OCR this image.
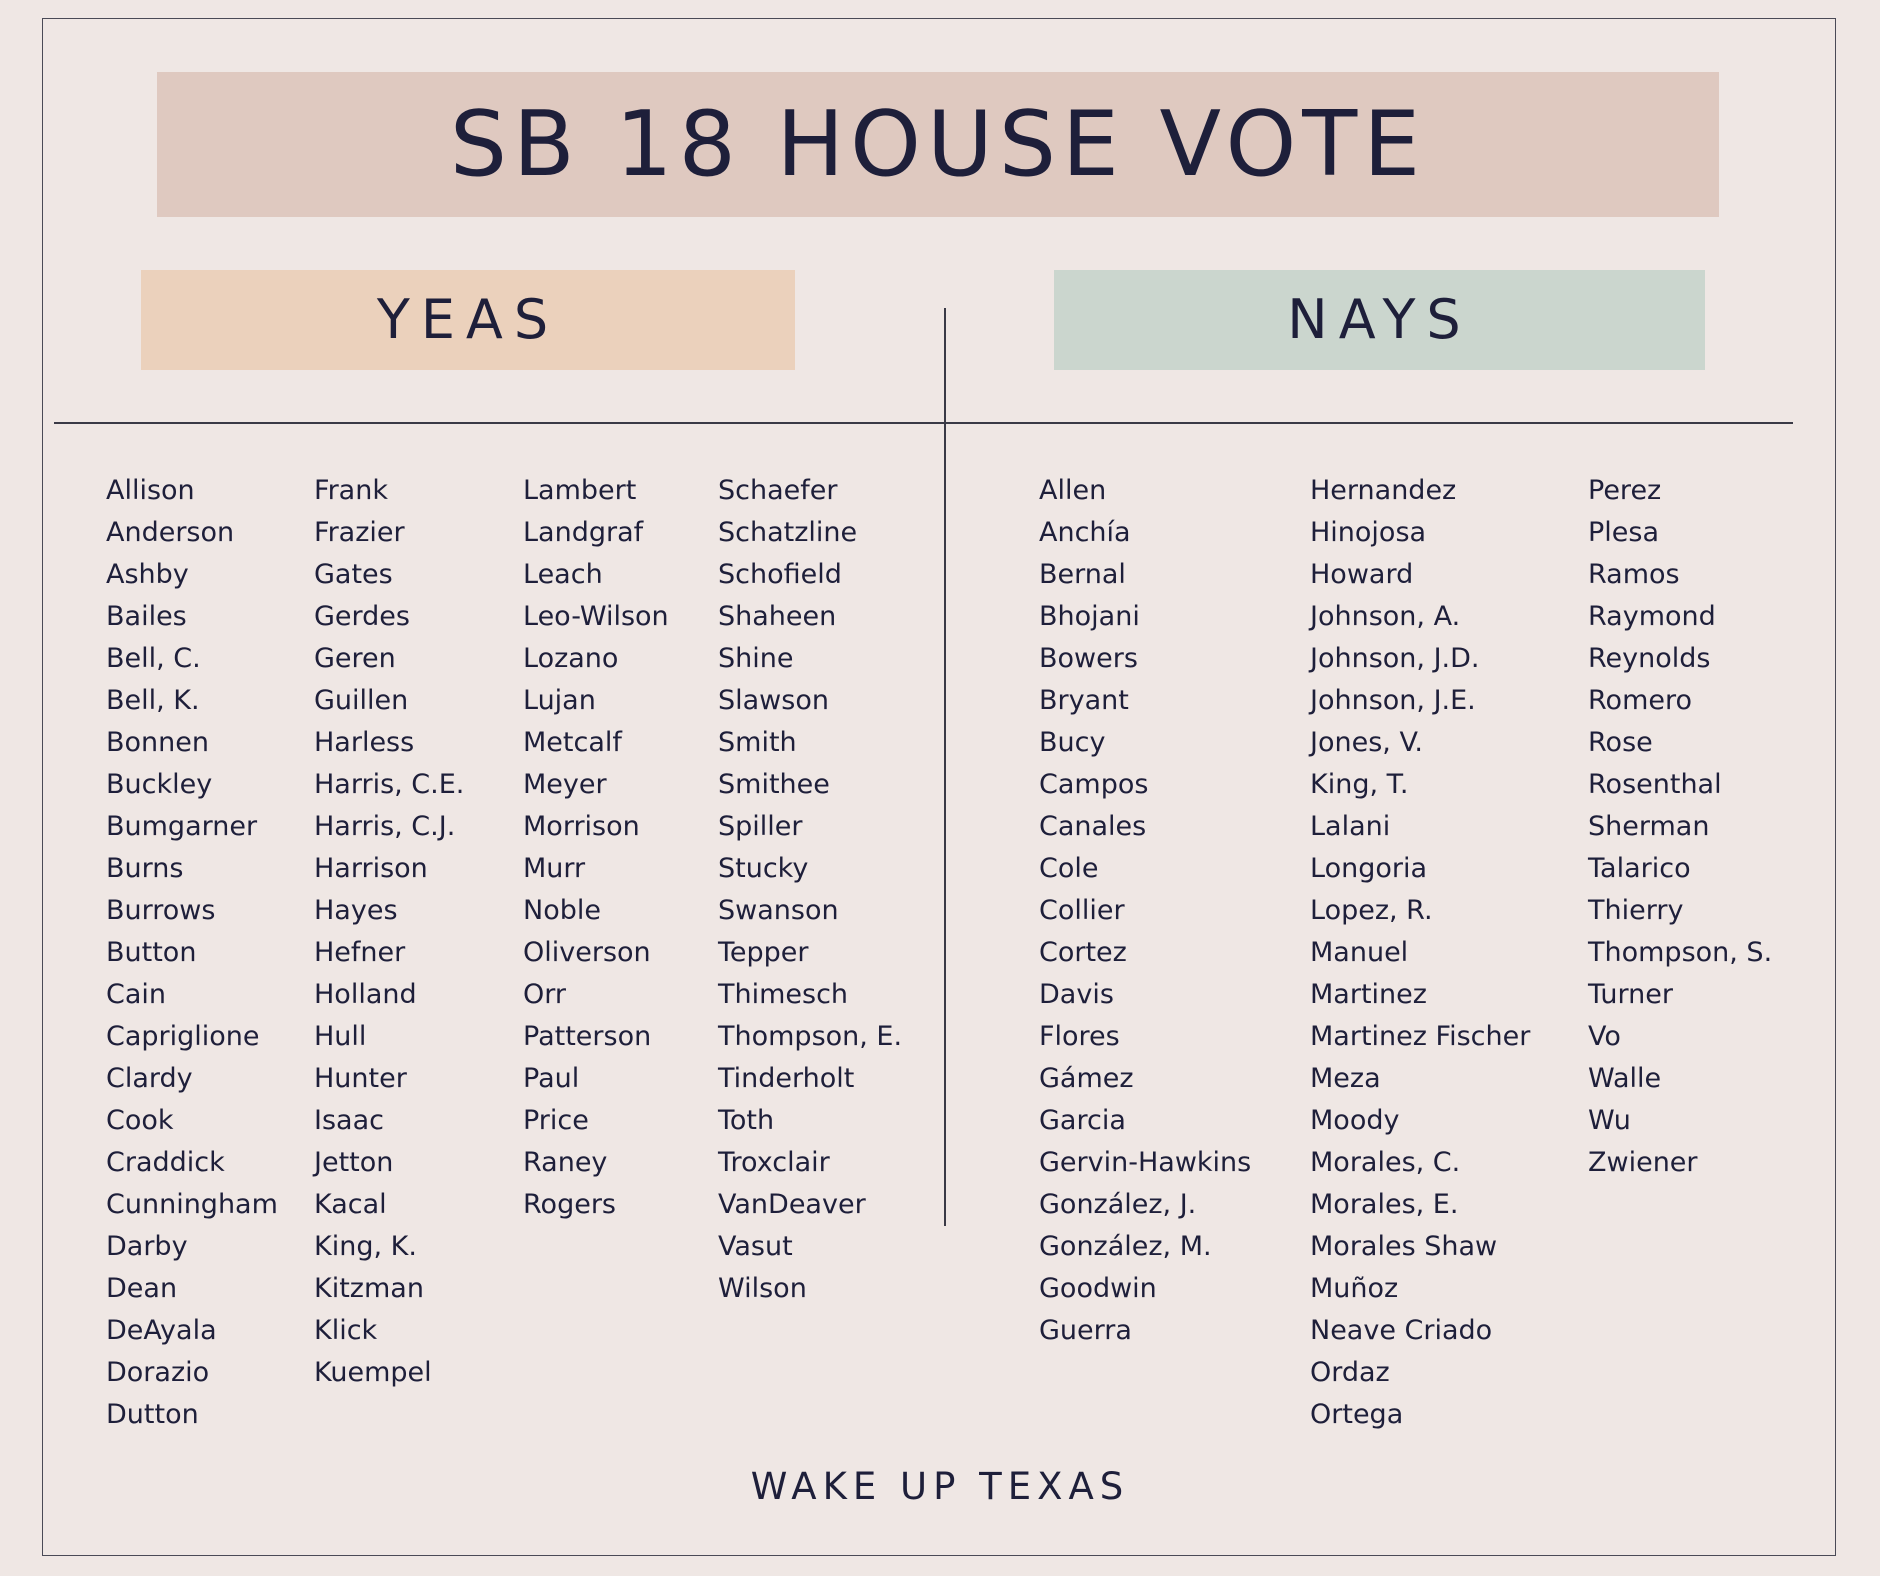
SB 18 HOUSE VOTE
YEAS	NAYS
Allison
Anderson
Ashby
Bailes
Bell, C.
Bell, K.
Bonnen
Buckley
Bumgarner
Burns
Burrows
Button
Cain
Capriglione
Clardy
Cook
Craddick
Cunningham
Darby
Dean
DeAyala
Dorazio
Dutton
Frank
Frazier
Gates
Gerdes
Geren
Guillen
Harless
Harris, C.E.
Harris, C.J.
Harrison
Hayes
Hefner
Holland
Hull
Hunter
Isaac
Jetton
Kacal
King, K.
Kitzman
Klick
Kuempel
Lambert
Landgraf
Leach
Leo-Wilson
Lozano
Lujan
Metcalf
Meyer
Morrison
Murr
Noble
Oliverson
Orr
Patterson
Paul
Price
Raney
Rogers
Schaefer
Schatzline
Schofield
Shaheen
Shine
Slawson
Smith
Smithee
Spiller
Stucky
Swanson
Tepper
Thimesch
Thompson, E.
Tinderholt
Toth
Troxclair
VanDeaver
Vasut
Wilson
Allen
Anchía
Bernal
Bhojani
Bowers
Bryant
Bucy
Campos
Canales
Cole
Collier
Cortez
Davis
Flores
Gámez
Garcia
Gervin-Hawkins
González, J.
González, M.
Goodwin
Guerra
Hernandez
Hinojosa
Howard
Johnson, A.
Johnson, J.D.
Johnson, J.E.
Jones, V.
King, T.
Lalani
Longoria
Lopez, R.
Manuel
Martinez
Martinez Fischer
Meza
Moody
Morales, C.
Morales, E.
Morales Shaw
Muñoz
Neave Criado
Ordaz
Ortega
Perez
Plesa
Ramos
Raymond
Reynolds
Romero
Rose
Rosenthal
Sherman
Talarico
Thierry
Thompson, S.
Turner
Vo
Walle
Wu
Zwiener
WAKE UP TEXAS
